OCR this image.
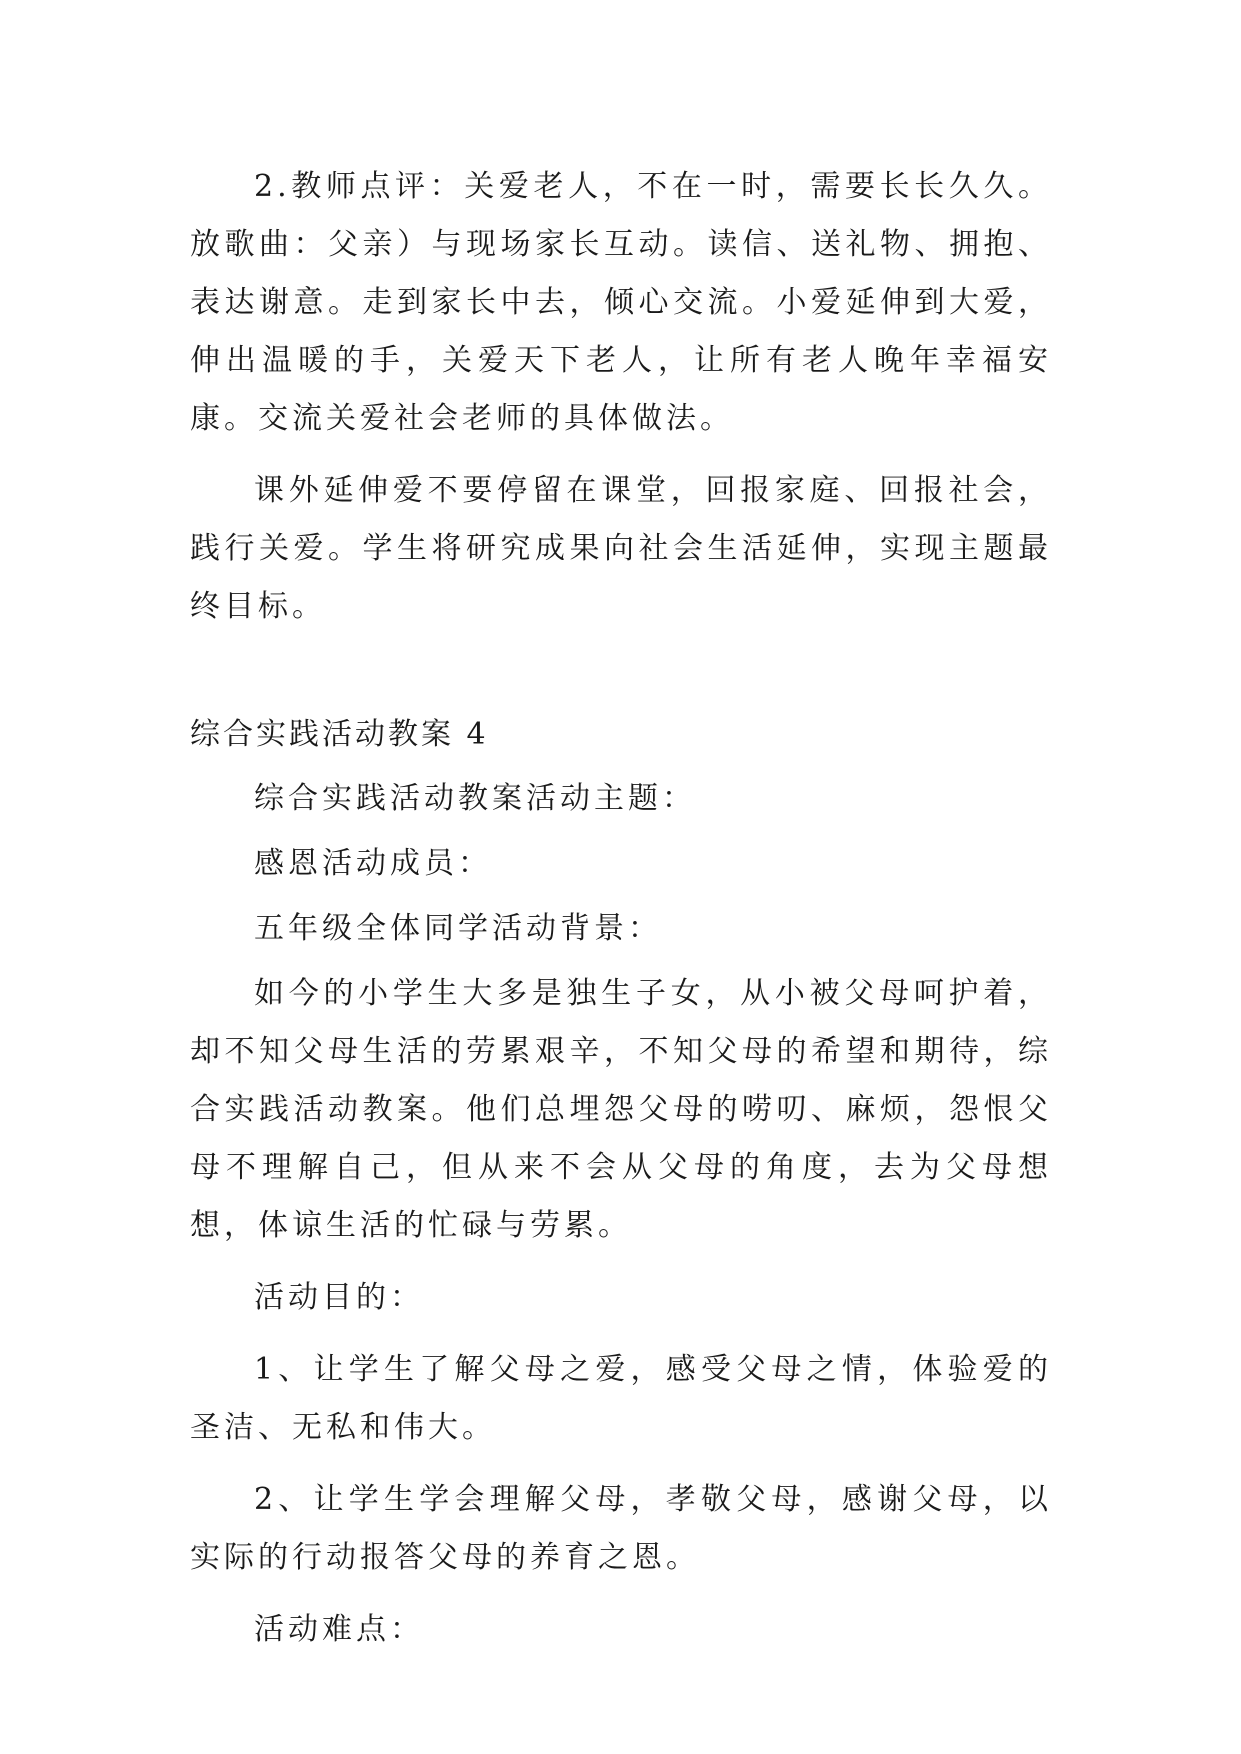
2.教师点评：关爱老人，不在一时，需要长长久久。放歌曲：父亲）与现场家长互动。读信、送礼物、拥抱、表达谢意。走到家长中去，倾心交流。小爱延伸到大爱，伸出温暖的手，关爱天下老人，让所有老人晚年幸福安康。交流关爱社会老师的具体做法。

课外延伸爱不要停留在课堂，回报家庭、回报社会，践行关爱。学生将研究成果向社会生活延伸，实现主题最终目标。

综合实践活动教案 4

综合实践活动教案活动主题：

感恩活动成员：

五年级全体同学活动背景：

如今的小学生大多是独生子女，从小被父母呵护着，却不知父母生活的劳累艰辛，不知父母的希望和期待，综合实践活动教案。他们总埋怨父母的唠叨、麻烦，怨恨父母不理解自己，但从来不会从父母的角度，去为父母想想，体谅生活的忙碌与劳累。

活动目的：

1、让学生了解父母之爱，感受父母之情，体验爱的圣洁、无私和伟大。

2、让学生学会理解父母，孝敬父母，感谢父母，以实际的行动报答父母的养育之恩。

活动难点：
